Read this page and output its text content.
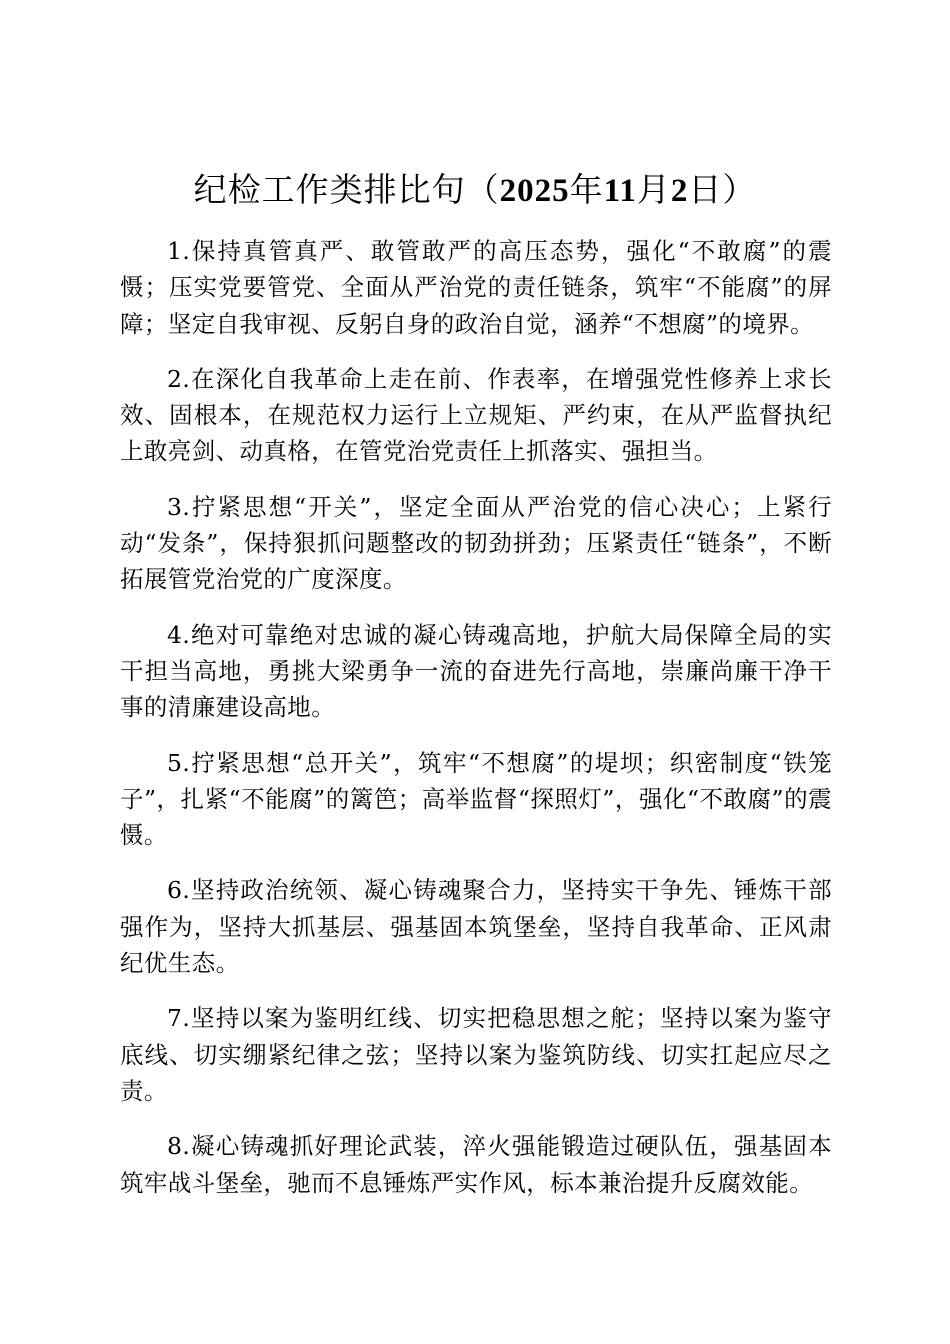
纪检工作类排比句（2025年11月2日）

1.保持真管真严、敢管敢严的高压态势，强化“不敢腐”的震慑；压实党要管党、全面从严治党的责任链条，筑牢“不能腐”的屏障；坚定自我审视、反躬自身的政治自觉，涵养“不想腐”的境界。

2.在深化自我革命上走在前、作表率，在增强党性修养上求长效、固根本，在规范权力运行上立规矩、严约束，在从严监督执纪上敢亮剑、动真格，在管党治党责任上抓落实、强担当。

3.拧紧思想“开关”，坚定全面从严治党的信心决心；上紧行动“发条”，保持狠抓问题整改的韧劲拼劲；压紧责任“链条”，不断拓展管党治党的广度深度。

4.绝对可靠绝对忠诚的凝心铸魂高地，护航大局保障全局的实干担当高地，勇挑大梁勇争一流的奋进先行高地，崇廉尚廉干净干事的清廉建设高地。

5.拧紧思想“总开关”，筑牢“不想腐”的堤坝；织密制度“铁笼子”，扎紧“不能腐”的篱笆；高举监督“探照灯”，强化“不敢腐”的震慑。

6.坚持政治统领、凝心铸魂聚合力，坚持实干争先、锤炼干部强作为，坚持大抓基层、强基固本筑堡垒，坚持自我革命、正风肃纪优生态。

7.坚持以案为鉴明红线、切实把稳思想之舵；坚持以案为鉴守底线、切实绷紧纪律之弦；坚持以案为鉴筑防线、切实扛起应尽之责。

8.凝心铸魂抓好理论武装，淬火强能锻造过硬队伍，强基固本筑牢战斗堡垒，驰而不息锤炼严实作风，标本兼治提升反腐效能。
